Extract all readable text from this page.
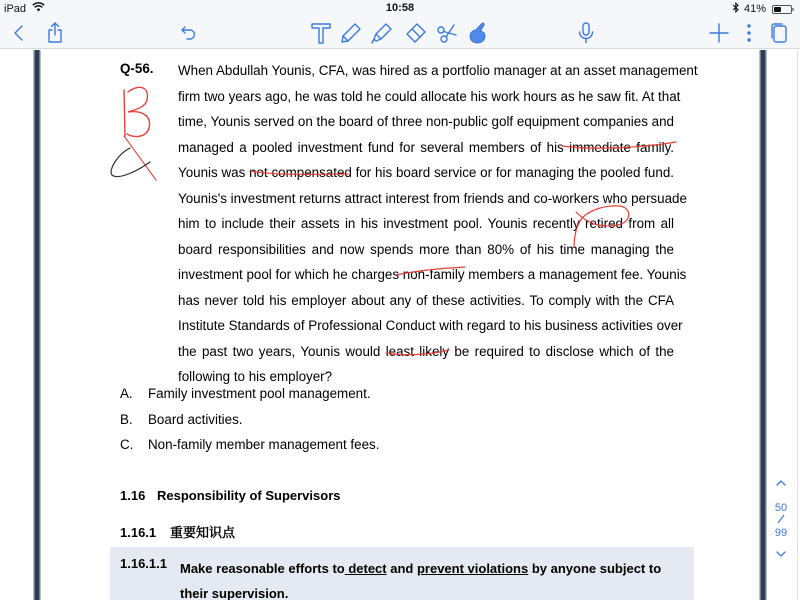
iPad	10:58	41%
Q-56. When Abdullah Younis, CFA, was hired as a portfolio manager at an asset management
firm two years ago, he was told he could allocate his work hours as he saw fit. At that
time, Younis served on the board of three non-public golf equipment companies and
managed a pooled investment fund for several members of his immediate family.
Younis was not compensated for his board service or for managing the pooled fund.
Younis's investment returns attract interest from friends and co-workers who persuade
him to include their assets in his investment pool. Younis recently retired from all
board responsibilities and now spends more than 80% of his time managing the
investment pool for which he charges non-family members a management fee. Younis
has never told his employer about any of these activities. To comply with the CFA
Institute Standards of Professional Conduct with regard to his business activities over
the past two years, Younis would least likely be required to disclose which of the
following to his employer?
A. Family investment pool management.
B. Board activities.
C. Non-family member management fees.
1.16 Responsibility of Supervisors
1.16.1 重要知识点
1.16.1.1 Make reasonable efforts to detect and prevent violations by anyone subject to their supervision.
50
99
